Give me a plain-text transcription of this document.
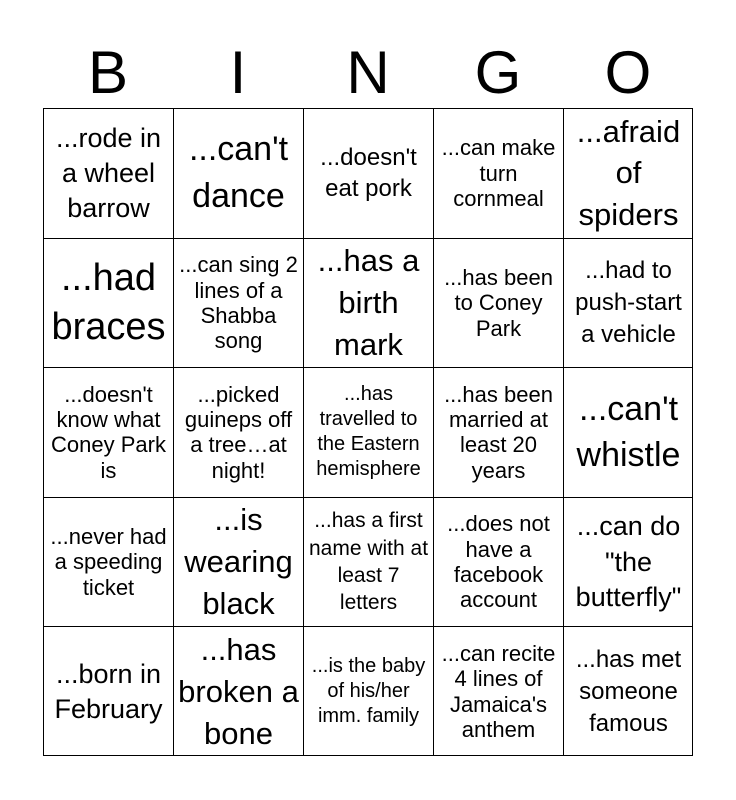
B	I	N	G	O
...rode in a wheel barrow
...can't dance
...doesn't eat pork
...can make turn cornmeal
...afraid of spiders
...had braces
...can sing 2 lines of a Shabba song
...has a birth mark
...has been to Coney Park
...had to push-start a vehicle
...doesn't know what Coney Park is
...picked guineps off a tree…at night!
...has travelled to the Eastern hemisphere
...has been married at least 20 years
...can't whistle
...never had a speeding ticket
...is wearing black
...has a first name with at least 7 letters
...does not have a facebook account
...can do "the butterfly"
...born in February
...has broken a bone
...is the baby of his/her imm. family
...can recite 4 lines of Jamaica's anthem
...has met someone famous
